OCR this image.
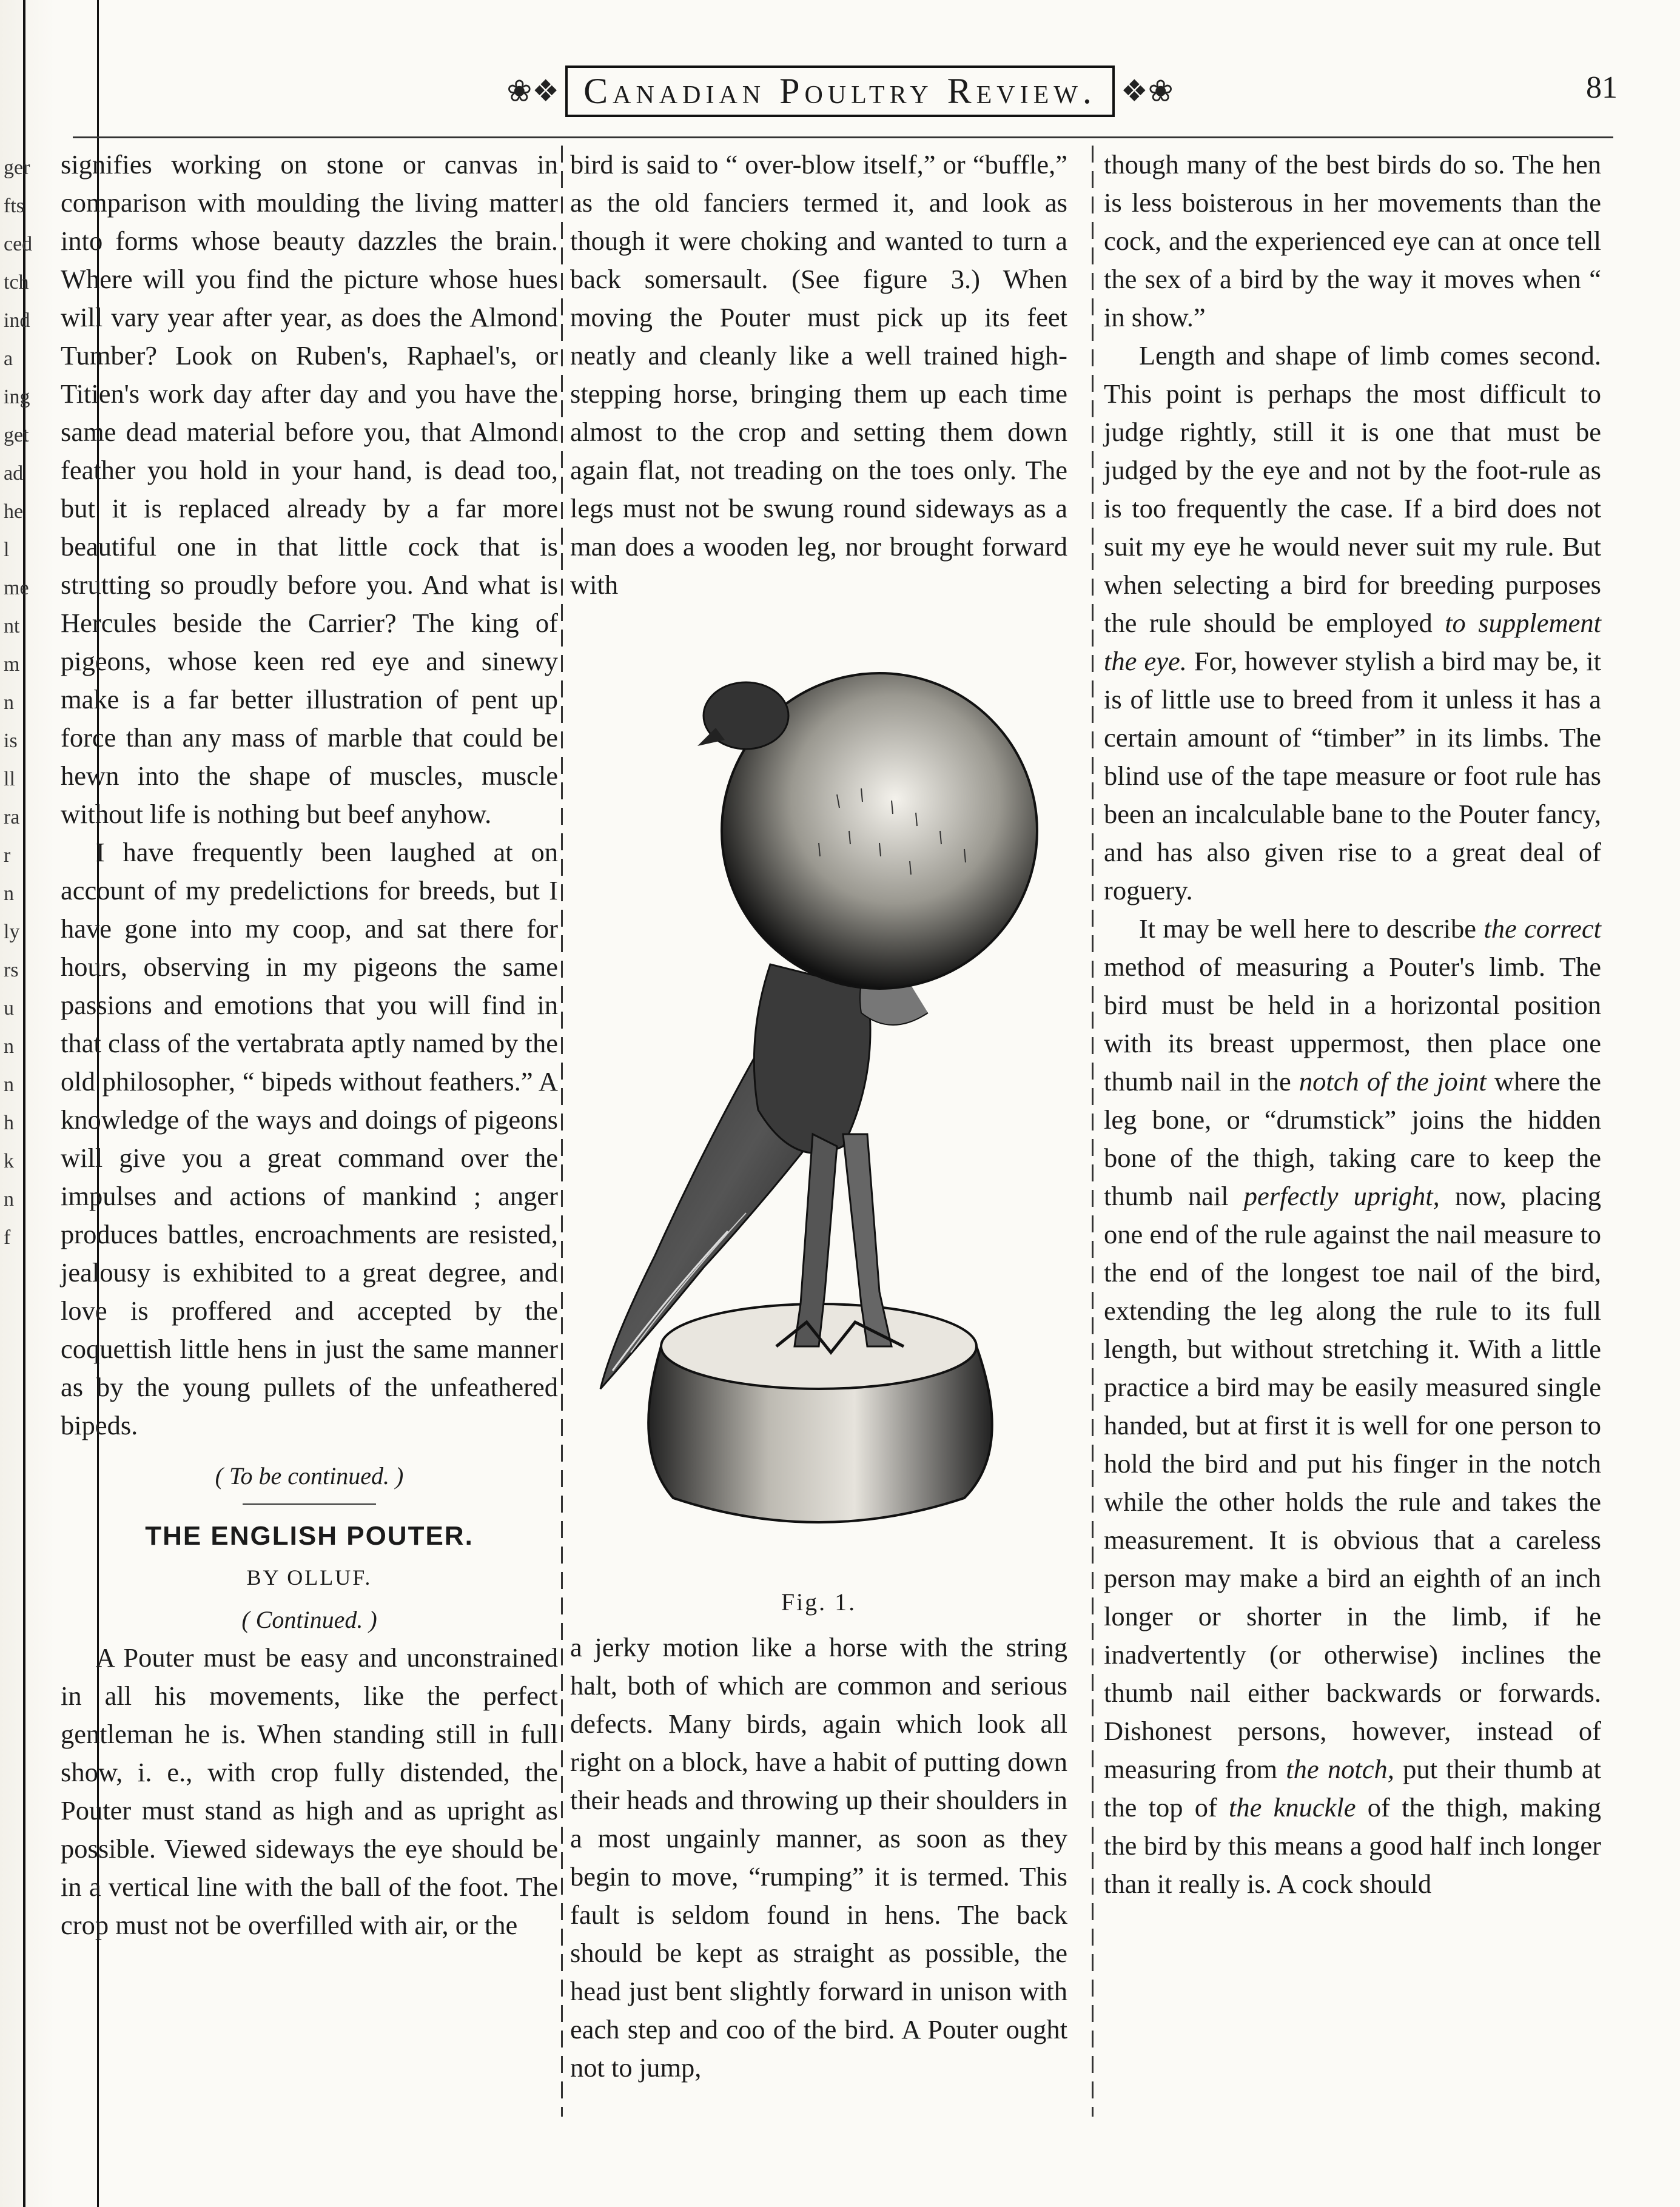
ger
fts
ced
tch
ind
a
ing
get
ad
he
l
me
nt
m
n
is
ll
ra
r
n
ly
rs
u
n
n
h
k
n
f
❀❖ Canadian Poultry Review. ❖❀	81

signifies working on stone or canvas in comparison with moulding the living matter into forms whose beauty dazzles the brain. Where will you find the picture whose hues will vary year after year, as does the Almond Tumber? Look on Ruben's, Raphael's, or Titien's work day after day and you have the same dead material before you, that Almond feather you hold in your hand, is dead too, but it is replaced already by a far more beautiful one in that little cock that is strutting so proudly before you. And what is Hercules beside the Carrier? The king of pigeons, whose keen red eye and sinewy make is a far better illustration of pent up force than any mass of marble that could be hewn into the shape of muscles, muscle without life is nothing but beef anyhow.

I have frequently been laughed at on account of my predelictions for breeds, but I have gone into my coop, and sat there for hours, observing in my pigeons the same passions and emotions that you will find in that class of the vertabrata aptly named by the old philosopher, “ bipeds without feathers.” A knowledge of the ways and doings of pigeons will give you a great command over the impulses and actions of mankind ; anger produces battles, encroachments are resisted, jealousy is exhibited to a great degree, and love is proffered and accepted by the coquettish little hens in just the same manner as by the young pullets of the unfeathered bipeds.

( To be continued. )

THE ENGLISH POUTER.

BY OLLUF.

( Continued. )

A Pouter must be easy and unconstrained in all his movements, like the perfect gentleman he is. When standing still in full show, i. e., with crop fully distended, the Pouter must stand as high and as upright as possible. Viewed sideways the eye should be in a vertical line with the ball of the foot. The crop must not be overfilled with air, or the

bird is said to “ over-blow itself,” or “buffle,” as the old fanciers termed it, and look as though it were choking and wanted to turn a back somersault. (See figure 3.) When moving the Pouter must pick up its feet neatly and cleanly like a well trained high-stepping horse, bringing them up each time almost to the crop and setting them down again flat, not treading on the toes only. The legs must not be swung round sideways as a man does a wooden leg, nor brought forward with

Fig. 1.

a jerky motion like a horse with the string halt, both of which are common and serious defects. Many birds, again which look all right on a block, have a habit of putting down their heads and throwing up their shoulders in a most ungainly manner, as soon as they begin to move, “rumping” it is termed. This fault is seldom found in hens. The back should be kept as straight as possible, the head just bent slightly forward in unison with each step and coo of the bird. A Pouter ought not to jump,

though many of the best birds do so. The hen is less boisterous in her movements than the cock, and the experienced eye can at once tell the sex of a bird by the way it moves when “ in show.”

Length and shape of limb comes second. This point is perhaps the most difficult to judge rightly, still it is one that must be judged by the eye and not by the foot-rule as is too frequently the case. If a bird does not suit my eye he would never suit my rule. But when selecting a bird for breeding purposes the rule should be employed to supplement the eye. For, however stylish a bird may be, it is of little use to breed from it unless it has a certain amount of “timber” in its limbs. The blind use of the tape measure or foot rule has been an incalculable bane to the Pouter fancy, and has also given rise to a great deal of roguery.

It may be well here to describe the correct method of measuring a Pouter's limb. The bird must be held in a horizontal position with its breast uppermost, then place one thumb nail in the notch of the joint where the leg bone, or “drumstick” joins the hidden bone of the thigh, taking care to keep the thumb nail perfectly upright, now, placing one end of the rule against the nail measure to the end of the longest toe nail of the bird, extending the leg along the rule to its full length, but without stretching it. With a little practice a bird may be easily measured single handed, but at first it is well for one person to hold the bird and put his finger in the notch while the other holds the rule and takes the measurement. It is obvious that a careless person may make a bird an eighth of an inch longer or shorter in the limb, if he inadvertently (or otherwise) inclines the thumb nail either backwards or forwards. Dishonest persons, however, instead of measuring from the notch, put their thumb at the top of the knuckle of the thigh, making the bird by this means a good half inch longer than it really is. A cock should
